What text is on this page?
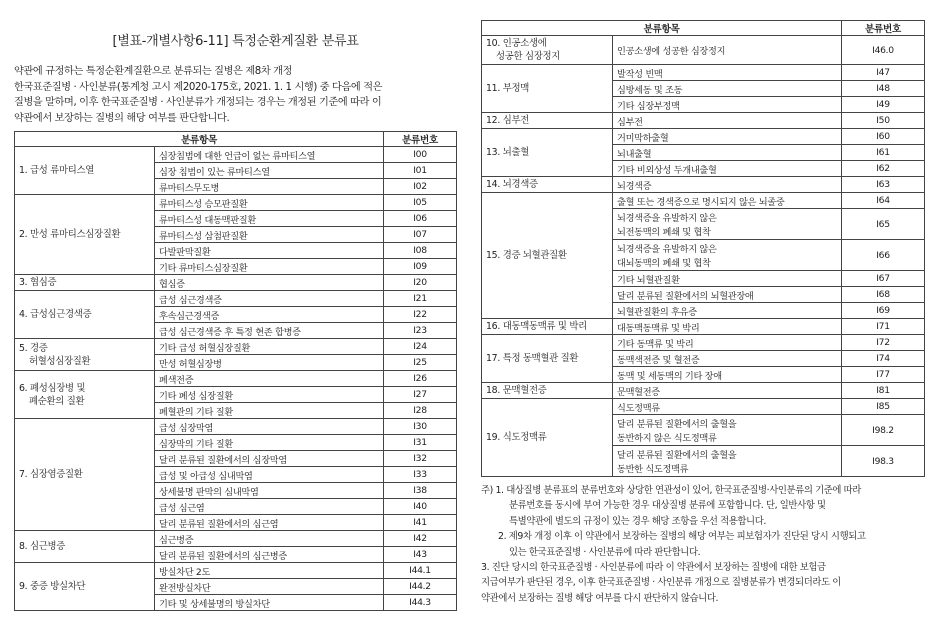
[별표-개별사항6-11] 특정순환계질환 분류표
약관에 규정하는 특정순환계질환으로 분류되는 질병은 제8차 개정
한국표준질병 · 사인분류(통계청 고시 제2020-175호, 2021. 1. 1 시행) 중 다음에 적은
질병을 말하며, 이후 한국표준질병 · 사인분류가 개정되는 경우는 개정된 기준에 따라 이
약관에서 보장하는 질병의 해당 여부를 판단합니다.
분류항목		분류번호

1. 급성 류마티스열	심장침범에 대한 언급이 없는 류마티스열	I00

	심장 침범이 있는 류마티스열	I01

	류마티스무도병	I02

2. 만성 류마티스심장질환	류마티스성 승모판질환	I05

	류마티스성 대동맥판질환	I06

	류마티스성 삼첨판질환	I07

	다발판막질환	I08

	기타 류마티스심장질환	I09

3. 협심증	협심증	I20

4. 급성심근경색증	급성 심근경색증	I21

	후속심근경색증	I22

	급성 심근경색증 후 특정 현존 합병증	I23

5. 경증
허혈성심장질환	기타 급성 허혈심장질환	I24

	만성 허혈심장병	I25

6. 폐성심장병 및
폐순환의 질환	폐색전증	I26

	기타 폐성 심장질환	I27

	폐혈관의 기타 질환	I28

7. 심장염증질환	급성 심장막염	I30

	심장막의 기타 질환	I31

	달리 분류된 질환에서의 심장막염	I32

	급성 및 아급성 심내막염	I33

	상세불명 판막의 심내막염	I38

	급성 심근염	I40

	달리 분류된 질환에서의 심근염	I41

8. 심근병증	심근병증	I42

	달리 분류된 질환에서의 심근병증	I43

9. 중증 방실차단	방실차단 2도	I44.1

	완전방실차단	I44.2

	기타 및 상세불명의 방실차단	I44.3
분류항목		분류번호

10. 인공소생에
성공한 심장정지	인공소생에 성공한 심장정지	I46.0

11. 부정맥	발작성 빈맥	I47

	심방세동 및 조동	I48

	기타 심장부정맥	I49

12. 심부전	심부전	I50

13. 뇌출혈	거미막하출혈	I60

	뇌내출혈	I61

	기타 비외상성 두개내출혈	I62

14. 뇌경색증	뇌경색증	I63

15. 경증 뇌혈관질환	출혈 또는 경색증으로 명시되지 않은 뇌졸중	I64

	뇌경색증을 유발하지 않은
뇌전동맥의 폐쇄 및 협착	I65

	뇌경색증을 유발하지 않은
대뇌동맥의 폐쇄 및 협착	I66

	기타 뇌혈관질환	I67

	달리 분류된 질환에서의 뇌혈관장애	I68

	뇌혈관질환의 후유증	I69

16. 대동맥동맥류 및 박리	대동맥동맥류 및 박리	I71

17. 특정 동맥혈관 질환	기타 동맥류 및 박리	I72

	동맥색전증 및 혈전증	I74

	동맥 및 세동맥의 기타 장애	I77

18. 문맥혈전증	문맥혈전증	I81

19. 식도정맥류	식도정맥류	I85

	달리 분류된 질환에서의 출혈을
동반하지 않은 식도정맥류	I98.2

	달리 분류된 질환에서의 출혈을
동반한 식도정맥류	I98.3
주) 1. 대상질병 분류표의 분류번호와 상당한 연관성이 있어, 한국표준질병·사인분류의 기준에 따라
분류번호를 동시에 부여 가능한 경우 대상질병 분류에 포함합니다. 단, 일반사항 및
특별약관에 별도의 규정이 있는 경우 해당 조항을 우선 적용합니다.
2. 제9차 개정 이후 이 약관에서 보장하는 질병의 해당 여부는 피보험자가 진단된 당시 시행되고
있는 한국표준질병 · 사인분류에 따라 판단합니다.
3. 진단 당시의 한국표준질병 · 사인분류에 따라 이 약관에서 보장하는 질병에 대한 보험금
지급여부가 판단된 경우, 이후 한국표준질병 · 사인분류 개정으로 질병분류가 변경되더라도 이
약관에서 보장하는 질병 해당 여부를 다시 판단하지 않습니다.
